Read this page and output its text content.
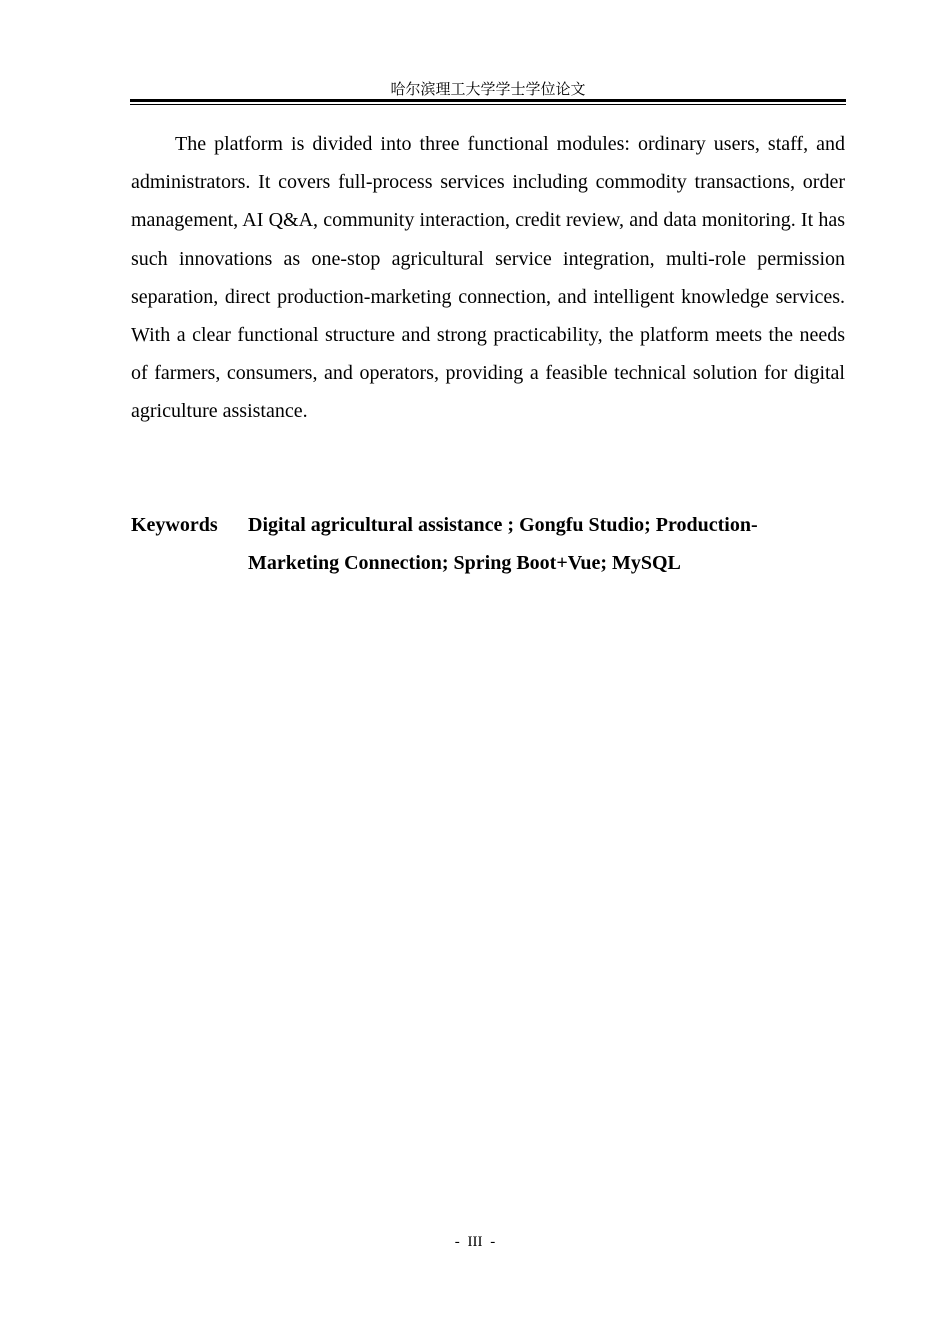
哈尔滨理工大学学士学位论文

The platform is divided into three functional modules: ordinary users, staff, and administrators. It covers full-process services including commodity transactions, order management, AI Q&A, community interaction, credit review, and data monitoring. It has such innovations as one-stop agricultural service integration, multi-role permission separation, direct production-marketing connection, and intelligent knowledge services. With a clear functional structure and strong practicability, the platform meets the needs of farmers, consumers, and operators, providing a feasible technical solution for digital agriculture assistance.

Keywords	Digital agricultural assistance ; Gongfu Studio; Production-Marketing Connection; Spring Boot+Vue; MySQL
- III -
